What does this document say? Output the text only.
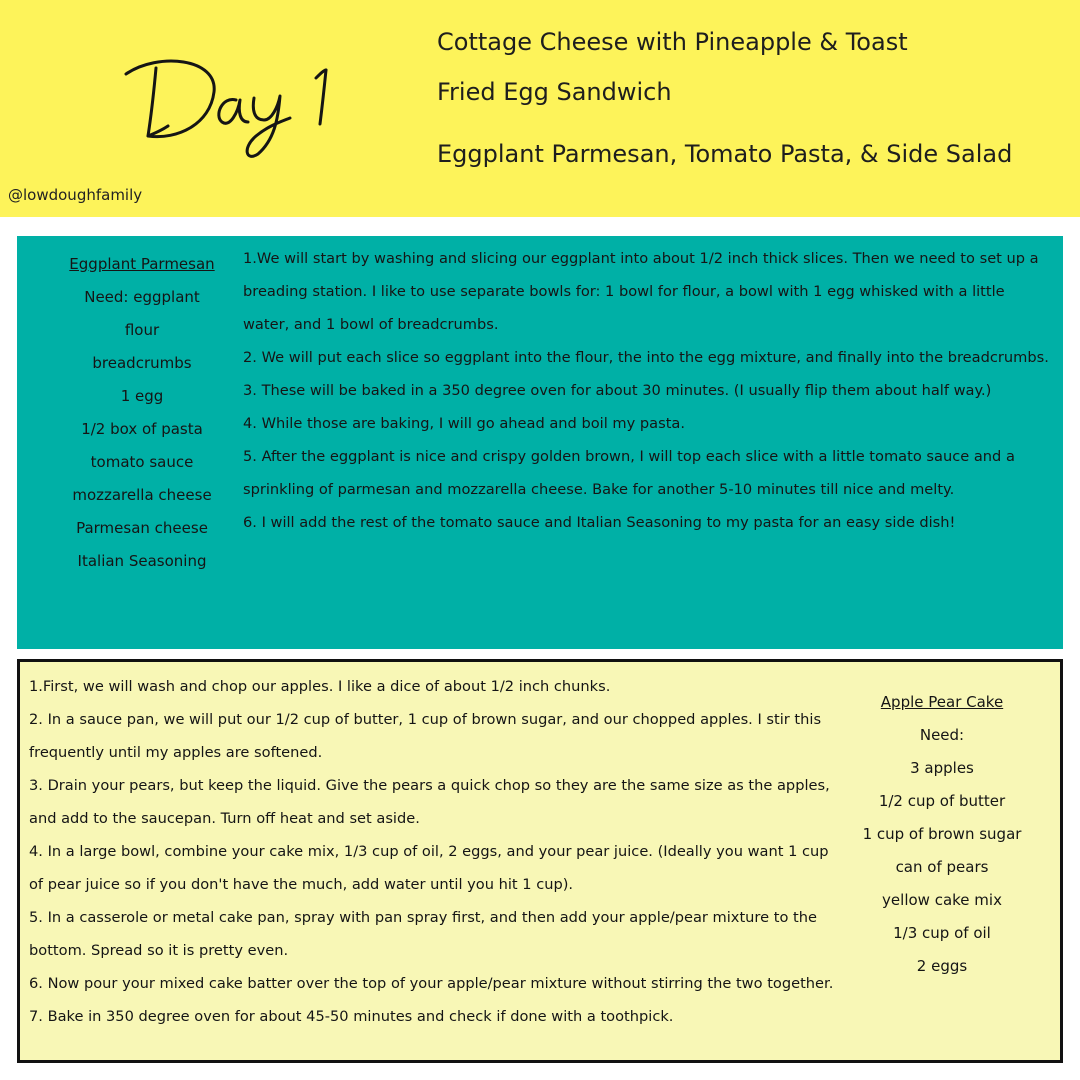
@lowdoughfamily
Cottage Cheese with Pineapple & Toast
Fried Egg Sandwich
Eggplant Parmesan, Tomato Pasta, & Side Salad
Eggplant Parmesan
Need: eggplant
flour
breadcrumbs
1 egg
1/2 box of pasta
tomato sauce
mozzarella cheese
Parmesan cheese
Italian Seasoning

1.We will start by washing and slicing our eggplant into about 1/2 inch thick slices. Then we need to set up a breading station. I like to use separate bowls for: 1 bowl for flour, a bowl with 1 egg whisked with a little water, and 1 bowl of breadcrumbs.

2. We will put each slice so eggplant into the flour, the into the egg mixture, and finally into the breadcrumbs.

3. These will be baked in a 350 degree oven for about 30 minutes. (I usually flip them about half way.)

4. While those are baking, I will go ahead and boil my pasta.

5. After the eggplant is nice and crispy golden brown, I will top each slice with a little tomato sauce and a sprinkling of parmesan and mozzarella cheese. Bake for another 5-10 minutes till nice and melty.

6. I will add the rest of the tomato sauce and Italian Seasoning to my pasta for an easy side dish!

1.First, we will wash and chop our apples. I like a dice of about 1/2 inch chunks.

2. In a sauce pan, we will put our 1/2 cup of butter, 1 cup of brown sugar, and our chopped apples. I stir this frequently until my apples are softened.

3. Drain your pears, but keep the liquid. Give the pears a quick chop so they are the same size as the apples, and add to the saucepan. Turn off heat and set aside.

4. In a large bowl, combine your cake mix, 1/3 cup of oil, 2 eggs, and your pear juice. (Ideally you want 1 cup of pear juice so if you don't have the much, add water until you hit 1 cup).

5. In a casserole or metal cake pan, spray with pan spray first, and then add your apple/pear mixture to the bottom. Spread so it is pretty even.

6. Now pour your mixed cake batter over the top of your apple/pear mixture without stirring the two together.

7. Bake in 350 degree oven for about 45-50 minutes and check if done with a toothpick.

Apple Pear Cake
Need:
3 apples
1/2 cup of butter
1 cup of brown sugar
can of pears
yellow cake mix
1/3 cup of oil
2 eggs
